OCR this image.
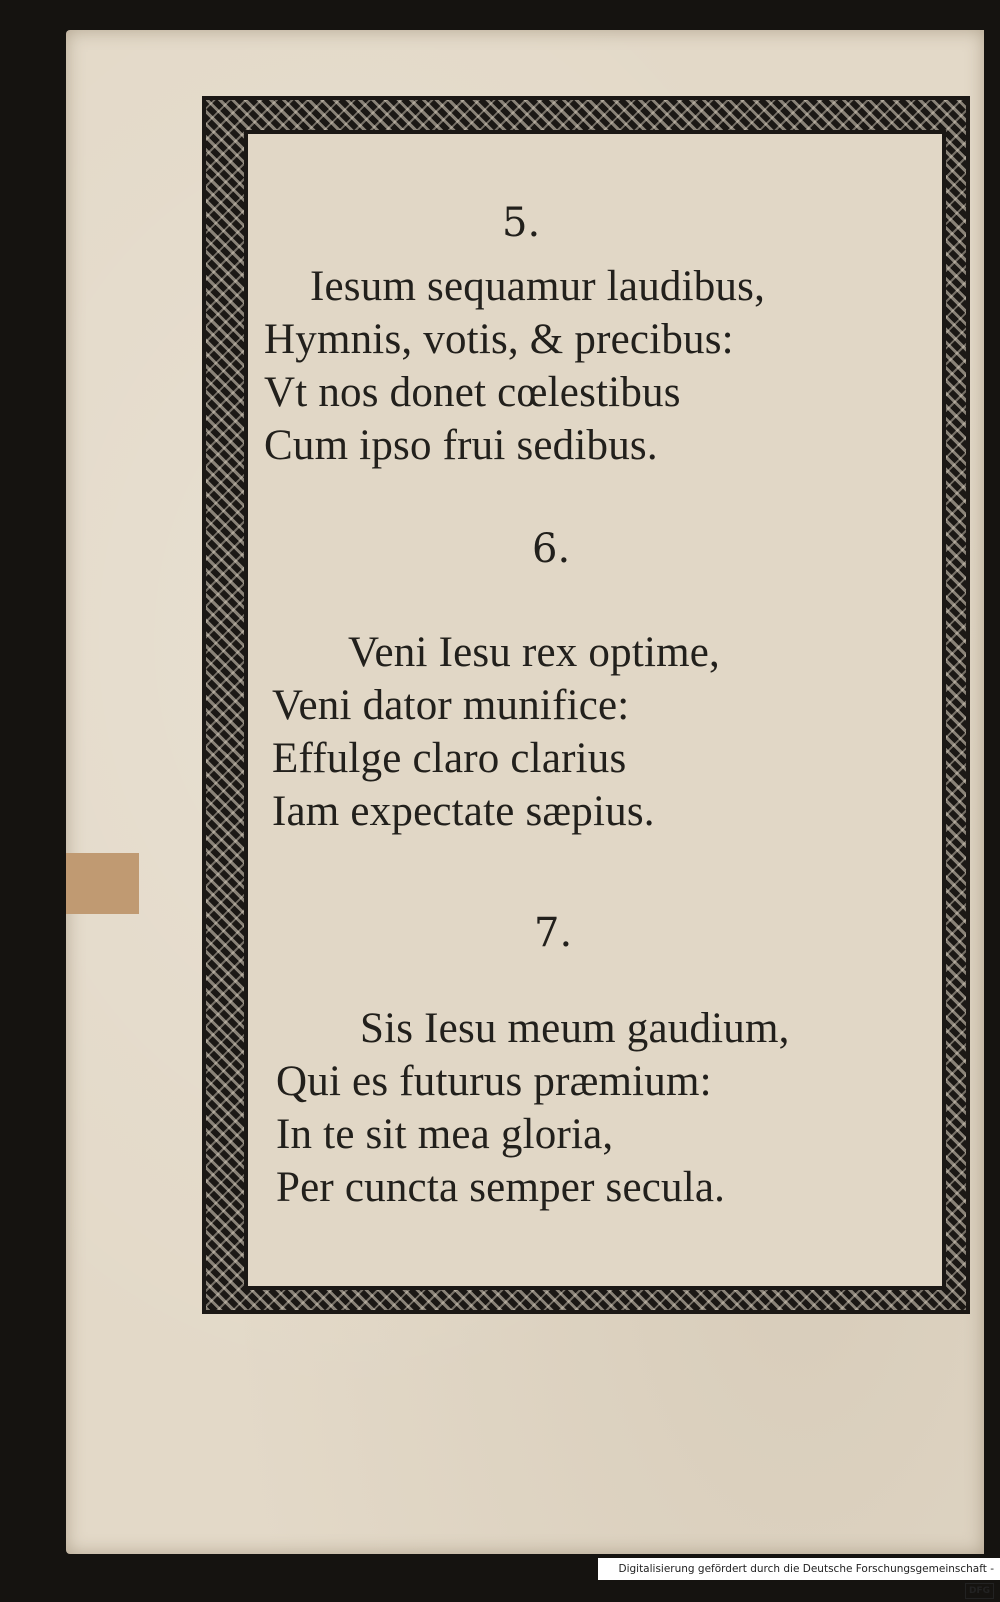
5.
Iesum sequamur laudibus,
Hymnis, votis, & precibus:
Vt nos donet cœlestibus
Cum ipso frui sedibus.
6.
Veni Iesu rex optime,
Veni dator munifice:
Effulge claro clarius
Iam expectate sæpius.
7.
Sis Iesu meum gaudium,
Qui es futurus præmium:
In te sit mea gloria,
Per cuncta semper secula.
Digitalisierung gefördert durch die Deutsche Forschungsgemeinschaft - DFG
